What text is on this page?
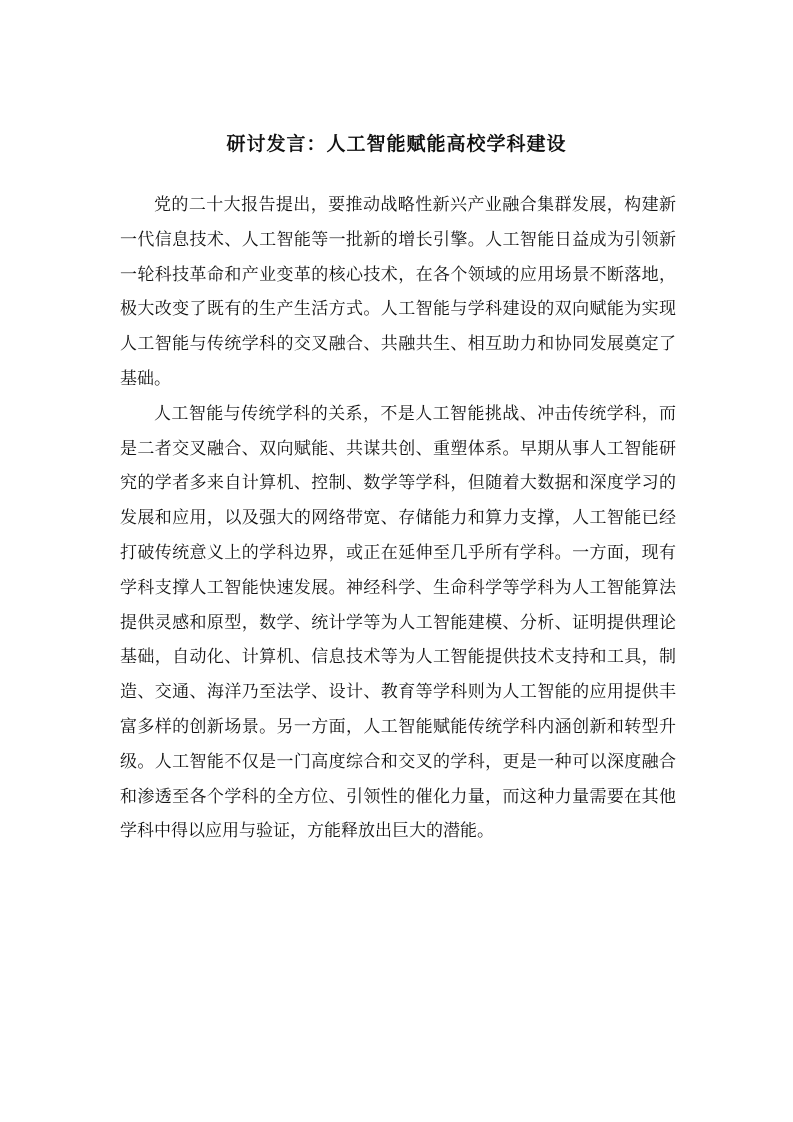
研讨发言：人工智能赋能高校学科建设

党的二十大报告提出，要推动战略性新兴产业融合集群发展，构建新一代信息技术、人工智能等一批新的增长引擎。人工智能日益成为引领新一轮科技革命和产业变革的核心技术，在各个领域的应用场景不断落地，极大改变了既有的生产生活方式。人工智能与学科建设的双向赋能为实现人工智能与传统学科的交叉融合、共融共生、相互助力和协同发展奠定了基础。

人工智能与传统学科的关系，不是人工智能挑战、冲击传统学科，而是二者交叉融合、双向赋能、共谋共创、重塑体系。早期从事人工智能研究的学者多来自计算机、控制、数学等学科，但随着大数据和深度学习的发展和应用，以及强大的网络带宽、存储能力和算力支撑，人工智能已经打破传统意义上的学科边界，或正在延伸至几乎所有学科。一方面，现有学科支撑人工智能快速发展。神经科学、生命科学等学科为人工智能算法提供灵感和原型，数学、统计学等为人工智能建模、分析、证明提供理论基础，自动化、计算机、信息技术等为人工智能提供技术支持和工具，制造、交通、海洋乃至法学、设计、教育等学科则为人工智能的应用提供丰富多样的创新场景。另一方面，人工智能赋能传统学科内涵创新和转型升级。人工智能不仅是一门高度综合和交叉的学科，更是一种可以深度融合和渗透至各个学科的全方位、引领性的催化力量，而这种力量需要在其他学科中得以应用与验证，方能释放出巨大的潜能。
